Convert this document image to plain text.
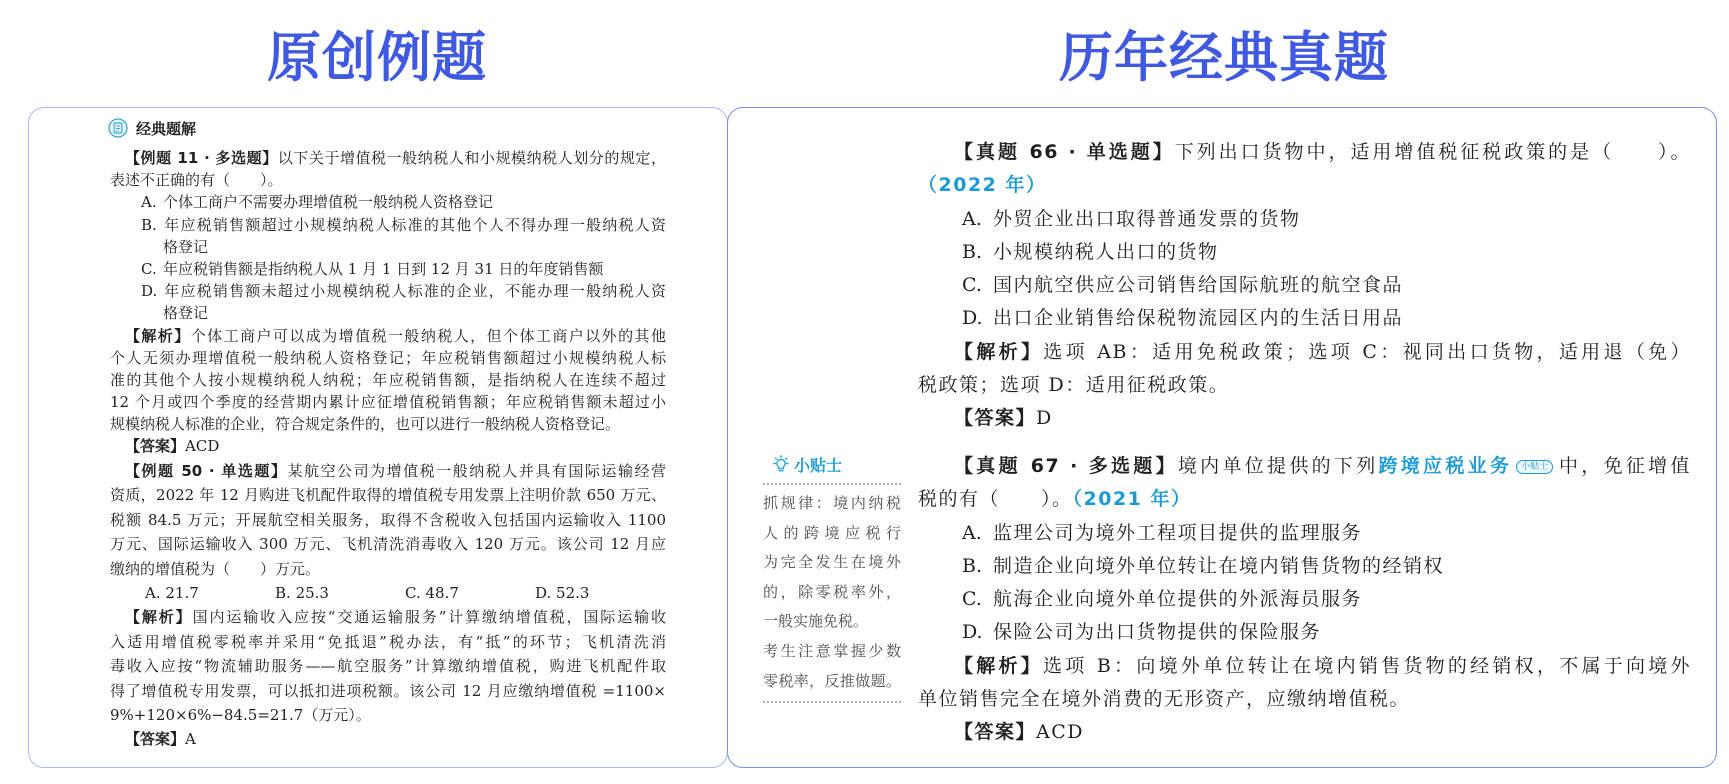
原创例题	历年经典真题
经典题解
【例题 11 · 多选题】以下关于增值税一般纳税人和小规模纳税人划分的规定，
表述不正确的有（　　）。
A. 个体工商户不需要办理增值税一般纳税人资格登记
B. 年应税销售额超过小规模纳税人标准的其他个人不得办理一般纳税人资
格登记
C. 年应税销售额是指纳税人从 1 月 1 日到 12 月 31 日的年度销售额
D. 年应税销售额未超过小规模纳税人标准的企业，不能办理一般纳税人资
格登记
【解析】个体工商户可以成为增值税一般纳税人，但个体工商户以外的其他
个人无须办理增值税一般纳税人资格登记；年应税销售额超过小规模纳税人标
准的其他个人按小规模纳税人纳税；年应税销售额，是指纳税人在连续不超过
12 个月或四个季度的经营期内累计应征增值税销售额；年应税销售额未超过小
规模纳税人标准的企业，符合规定条件的，也可以进行一般纳税人资格登记。
【答案】ACD
【例题 50 · 单选题】某航空公司为增值税一般纳税人并具有国际运输经营
资质，2022 年 12 月购进飞机配件取得的增值税专用发票上注明价款 650 万元、
税额 84.5 万元；开展航空相关服务，取得不含税收入包括国内运输收入 1100
万元、国际运输收入 300 万元、飞机清洗消毒收入 120 万元。该公司 12 月应
缴纳的增值税为（　　）万元。
A. 21.7	B. 25.3	C. 48.7	D. 52.3
【解析】国内运输收入应按“交通运输服务”计算缴纳增值税，国际运输收
入适用增值税零税率并采用“免抵退”税办法，有“抵”的环节；飞机清洗消
毒收入应按“物流辅助服务——航空服务”计算缴纳增值税，购进飞机配件取
得了增值税专用发票，可以抵扣进项税额。该公司 12 月应缴纳增值税 =1100×
9%+120×6%−84.5=21.7（万元）。
【答案】A
【真题 66 · 单选题】下列出口货物中，适用增值税征税政策的是（　　）。
（2022 年）
A. 外贸企业出口取得普通发票的货物
B. 小规模纳税人出口的货物
C. 国内航空供应公司销售给国际航班的航空食品
D. 出口企业销售给保税物流园区内的生活日用品
【解析】选项 AB：适用免税政策；选项 C：视同出口货物，适用退（免）
税政策；选项 D：适用征税政策。
【答案】D
小贴士
抓规律：境内纳税
人的跨境应税行
为完全发生在境外
的，除零税率外，
一般实施免税。
考生注意掌握少数
零税率，反推做题。
【真题 67 · 多选题】境内单位提供的下列跨境应税业务 小贴士 中，免征增值
税的有（　　）。（2021 年）
A. 监理公司为境外工程项目提供的监理服务
B. 制造企业向境外单位转让在境内销售货物的经销权
C. 航海企业向境外单位提供的外派海员服务
D. 保险公司为出口货物提供的保险服务
【解析】选项 B：向境外单位转让在境内销售货物的经销权，不属于向境外
单位销售完全在境外消费的无形资产，应缴纳增值税。
【答案】ACD
